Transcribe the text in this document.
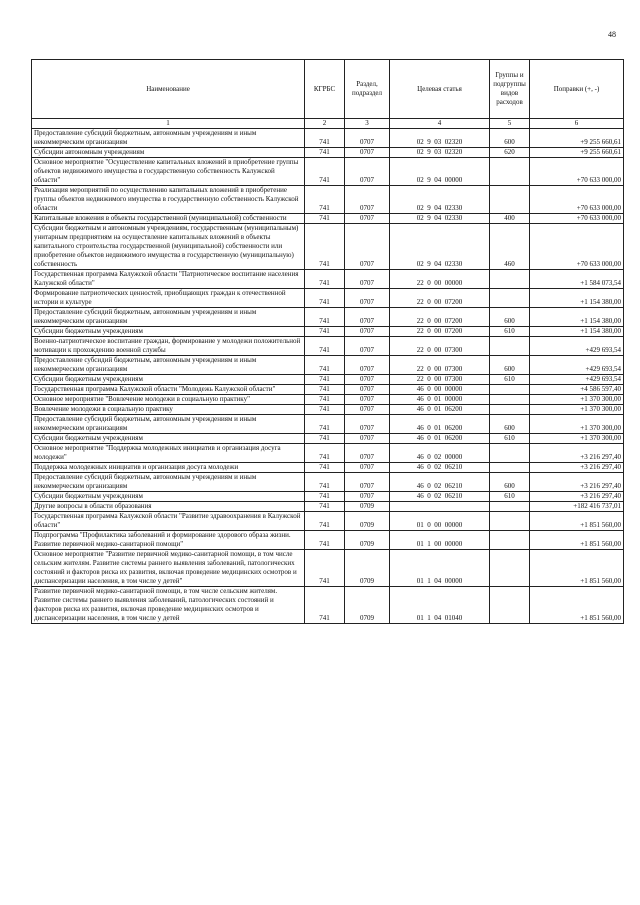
48
Наименование	КГРБС	Раздел, подраздел	Целевая статья	Группы и подгруппы видов расходов	Поправки (+, -)
1	2	3	4	5	6
Предоставление субсидий бюджетным, автономным учреждениям и иным некоммерческим организациям	741	0707	02  9  03  02320	600	+9 255 660,61
Субсидии автономным учреждениям	741	0707	02  9  03  02320	620	+9 255 660,61
Основное мероприятие "Осуществление капитальных вложений в приобретение группы объектов недвижимого имущества в государственную собственность Калужской области"	741	0707	02  9  04  00000		+70 633 000,00
Реализация мероприятий по осуществлению капитальных вложений в приобретение группы объектов недвижимого имущества в государственную собственность Калужской области	741	0707	02  9  04  02330		+70 633 000,00
Капитальные вложения в объекты государственной (муниципальной) собственности	741	0707	02  9  04  02330	400	+70 633 000,00
Субсидии бюджетным и автономным учреждениям, государственным (муниципальным) унитарным предприятиям на осуществление капитальных вложений в объекты капитального строительства государственной (муниципальной) собственности или приобретение объектов недвижимого имущества в государственную (муниципальную) собственность	741	0707	02  9  04  02330	460	+70 633 000,00
Государственная программа Калужской области "Патриотическое воспитание населения Калужской области"	741	0707	22  0  00  00000		+1 584 073,54
Формирование патриотических ценностей, приобщающих граждан к отечественной истории и культуре	741	0707	22  0  00  07200		+1 154 380,00
Предоставление субсидий бюджетным, автономным учреждениям и иным некоммерческим организациям	741	0707	22  0  00  07200	600	+1 154 380,00
Субсидии бюджетным учреждениям	741	0707	22  0  00  07200	610	+1 154 380,00
Военно-патриотическое воспитание граждан, формирование у молодежи положительной мотивации к прохождению военной службы	741	0707	22  0  00  07300		+429 693,54
Предоставление субсидий бюджетным, автономным учреждениям и иным некоммерческим организациям	741	0707	22  0  00  07300	600	+429 693,54
Субсидии бюджетным учреждениям	741	0707	22  0  00  07300	610	+429 693,54
Государственная программа Калужской области "Молодежь Калужской области"	741	0707	46  0  00  00000		+4 586 597,40
Основное мероприятие "Вовлечение молодежи в социальную практику"	741	0707	46  0  01  00000		+1 370 300,00
Вовлечение молодежи в социальную практику	741	0707	46  0  01  06200		+1 370 300,00
Предоставление субсидий бюджетным, автономным учреждениям и иным некоммерческим организациям	741	0707	46  0  01  06200	600	+1 370 300,00
Субсидии бюджетным учреждениям	741	0707	46  0  01  06200	610	+1 370 300,00
Основное мероприятие "Поддержка молодежных инициатив и организация досуга молодежи"	741	0707	46  0  02  00000		+3 216 297,40
Поддержка молодежных инициатив и организация досуга молодежи	741	0707	46  0  02  06210		+3 216 297,40
Предоставление субсидий бюджетным, автономным учреждениям и иным некоммерческим организациям	741	0707	46  0  02  06210	600	+3 216 297,40
Субсидии бюджетным учреждениям	741	0707	46  0  02  06210	610	+3 216 297,40
Другие вопросы в области образования	741	0709			+182 416 737,01
Государственная программа Калужской области "Развитие здравоохранения в Калужской области"	741	0709	01  0  00  00000		+1 851 560,00
Подпрограмма "Профилактика заболеваний и формирование здорового образа жизни. Развитие первичной медико-санитарной помощи"	741	0709	01  1  00  00000		+1 851 560,00
Основное мероприятие "Развитие первичной медико-санитарной помощи, в том числе сельским жителям. Развитие системы раннего выявления заболеваний, патологических состояний и факторов риска их развития, включая проведение медицинских осмотров и диспансеризации населения, в том числе у детей"	741	0709	01  1  04  00000		+1 851 560,00
Развитие первичной медико-санитарной помощи, в том числе сельским жителям. Развитие системы раннего выявления заболеваний, патологических состояний и факторов риска их развития, включая проведение медицинских осмотров и диспансеризации населения, в том числе у детей	741	0709	01  1  04  01040		+1 851 560,00
